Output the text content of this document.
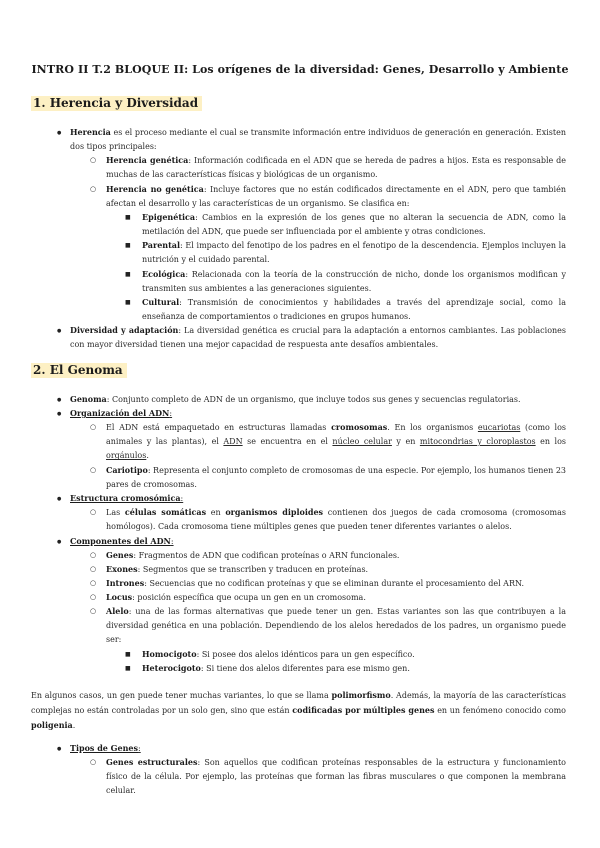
INTRO II T.2 BLOQUE II: Los orígenes de la diversidad: Genes, Desarrollo y Ambiente
1. Herencia y Diversidad
●
Herencia es el proceso mediante el cual se transmite información entre individuos de generación en generación. Existen dos tipos principales:
○
Herencia genética: Información codificada en el ADN que se hereda de padres a hijos. Esta es responsable de muchas de las características físicas y biológicas de un organismo.
○
Herencia no genética: Incluye factores que no están codificados directamente en el ADN, pero que también afectan el desarrollo y las características de un organismo. Se clasifica en:
■
Epigenética: Cambios en la expresión de los genes que no alteran la secuencia de ADN, como la metilación del ADN, que puede ser influenciada por el ambiente y otras condiciones.
■
Parental: El impacto del fenotipo de los padres en el fenotipo de la descendencia. Ejemplos incluyen la nutrición y el cuidado parental.
■
Ecológica: Relacionada con la teoría de la construcción de nicho, donde los organismos modifican y transmiten sus ambientes a las generaciones siguientes.
■
Cultural: Transmisión de conocimientos y habilidades a través del aprendizaje social, como la enseñanza de comportamientos o tradiciones en grupos humanos.
●
Diversidad y adaptación: La diversidad genética es crucial para la adaptación a entornos cambiantes. Las poblaciones con mayor diversidad tienen una mejor capacidad de respuesta ante desafíos ambientales.
2. El Genoma
●
Genoma: Conjunto completo de ADN de un organismo, que incluye todos sus genes y secuencias regulatorias.
●
Organización del ADN:
○
El ADN está empaquetado en estructuras llamadas cromosomas. En los organismos eucariotas (como los animales y las plantas), el ADN se encuentra en el núcleo celular y en mitocondrias y cloroplastos en los orgánulos.
○
Cariotipo: Representa el conjunto completo de cromosomas de una especie. Por ejemplo, los humanos tienen 23 pares de cromosomas.
●
Estructura cromosómica:
○
Las células somáticas en organismos diploides contienen dos juegos de cada cromosoma (cromosomas homólogos). Cada cromosoma tiene múltiples genes que pueden tener diferentes variantes o alelos.
●
Componentes del ADN:
○
Genes: Fragmentos de ADN que codifican proteínas o ARN funcionales.
○
Exones: Segmentos que se transcriben y traducen en proteínas.
○
Intrones: Secuencias que no codifican proteínas y que se eliminan durante el procesamiento del ARN.
○
Locus: posición específica que ocupa un gen en un cromosoma.
○
Alelo: una de las formas alternativas que puede tener un gen. Estas variantes son las que contribuyen a la diversidad genética en una población. Dependiendo de los alelos heredados de los padres, un organismo puede ser:
■
Homocigoto: Si posee dos alelos idénticos para un gen específico.
■
Heterocigoto: Si tiene dos alelos diferentes para ese mismo gen.
En algunos casos, un gen puede tener muchas variantes, lo que se llama polimorfismo. Además, la mayoría de las características complejas no están controladas por un solo gen, sino que están codificadas por múltiples genes en un fenómeno conocido como poligenia.
●
Tipos de Genes:
○
Genes estructurales: Son aquellos que codifican proteínas responsables de la estructura y funcionamiento físico de la célula. Por ejemplo, las proteínas que forman las fibras musculares o que componen la membrana celular.
